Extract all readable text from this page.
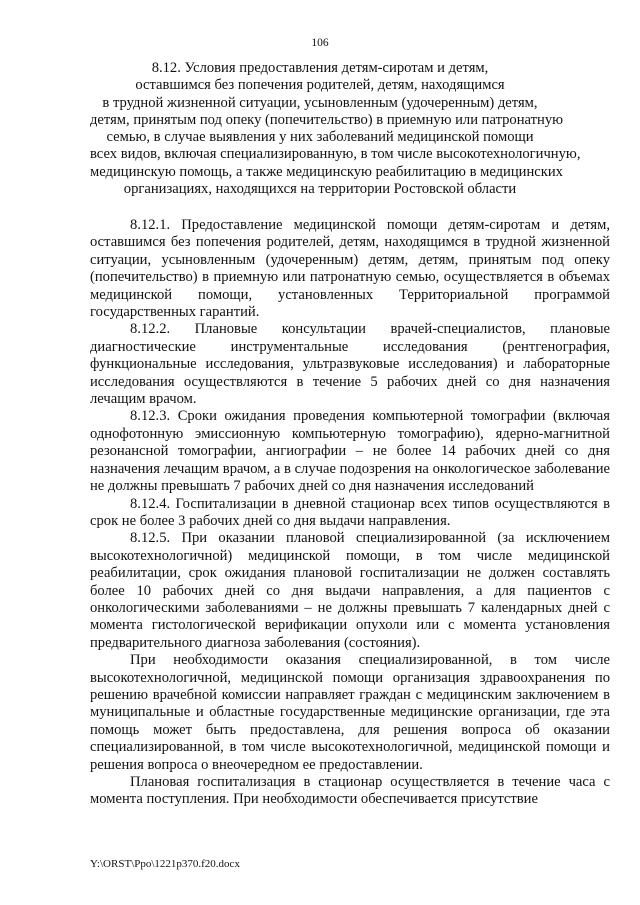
106
8.12. Условия предоставления детям-сиротам и детям,
оставшимся без попечения родителей, детям, находящимся
в трудной жизненной ситуации, усыновленным (удочеренным) детям,
детям, принятым под опеку (попечительство) в приемную или патронатную
семью, в случае выявления у них заболеваний медицинской помощи
всех видов, включая специализированную, в том числе высокотехнологичную,
медицинскую помощь, а также медицинскую реабилитацию в медицинских
организациях, находящихся на территории Ростовской области

8.12.1. Предоставление медицинской помощи детям-сиротам и детям, оставшимся без попечения родителей, детям, находящимся в трудной жизненной ситуации, усыновленным (удочеренным) детям, детям, принятым под опеку (попечительство) в приемную или патронатную семью, осуществляется в объемах медицинской помощи, установленных Территориальной программой государственных гарантий.

8.12.2. Плановые консультации врачей-специалистов, плановые диагностические инструментальные исследования (рентгенография, функциональные исследования, ультразвуковые исследования) и лабораторные исследования осуществляются в течение 5 рабочих дней со дня назначения лечащим врачом.

8.12.3. Сроки ожидания проведения компьютерной томографии (включая однофотонную эмиссионную компьютерную томографию), ядерно-магнитной резонансной томографии, ангиографии – не более 14 рабочих дней со дня назначения лечащим врачом, а в случае подозрения на онкологическое заболевание не должны превышать 7 рабочих дней со дня назначения исследований

8.12.4. Госпитализации в дневной стационар всех типов осуществляются в срок не более 3 рабочих дней со дня выдачи направления.

8.12.5. При оказании плановой специализированной (за исключением высокотехнологичной) медицинской помощи, в том числе медицинской реабилитации, срок ожидания плановой госпитализации не должен составлять более 10 рабочих дней со дня выдачи направления, а для пациентов с онкологическими заболеваниями – не должны превышать 7 календарных дней с момента гистологической верификации опухоли или с момента установления предварительного диагноза заболевания (состояния).

При необходимости оказания специализированной, в том числе высокотехнологичной, медицинской помощи организация здравоохранения по решению врачебной комиссии направляет граждан с медицинским заключением в муниципальные и областные государственные медицинские организации, где эта помощь может быть предоставлена, для решения вопроса об оказании специализированной, в том числе высокотехнологичной, медицинской помощи и решения вопроса о внеочередном ее предоставлении.

Плановая госпитализация в стационар осуществляется в течение часа с момента поступления. При необходимости обеспечивается присутствие

Y:\ORST\Ppo\1221p370.f20.docx
